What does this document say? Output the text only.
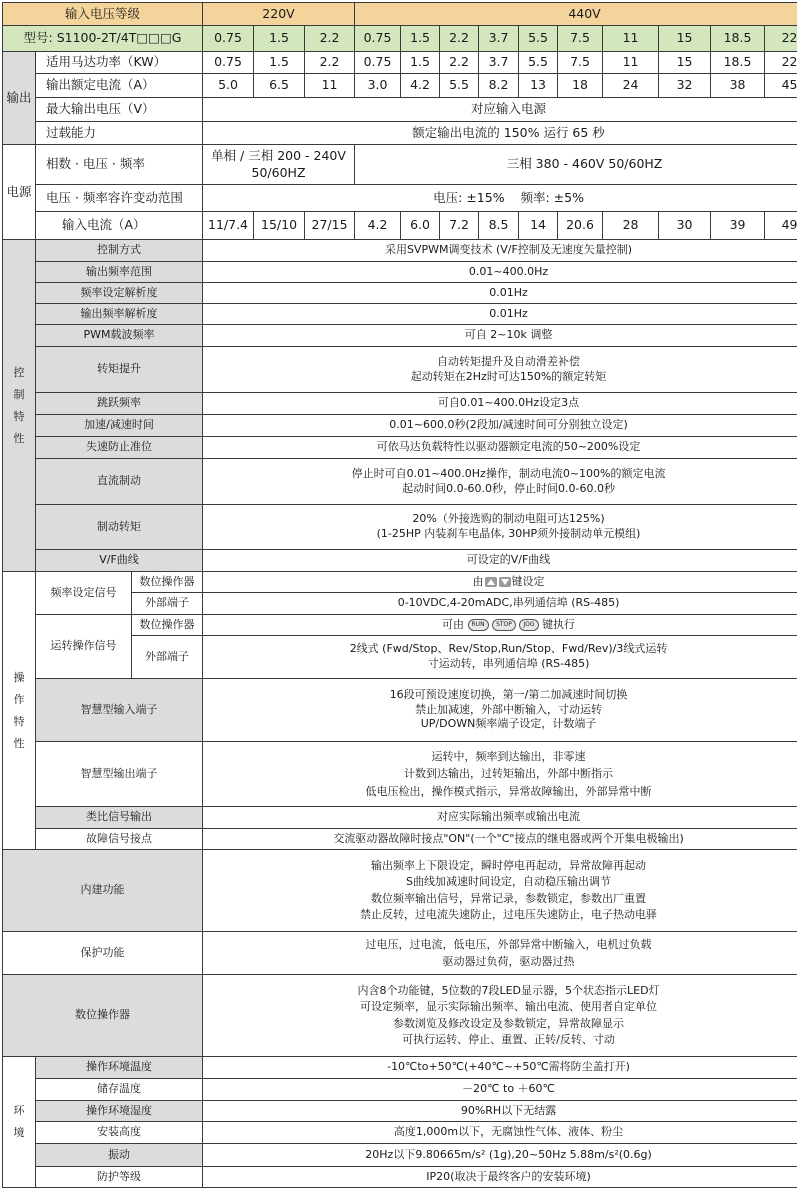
输入电压等级			220V			440V									
型号: S1100-2T/4T□□□G			0.75	1.5	2.2	0.75	1.5	2.2	3.7	5.5	7.5	11	15	18.5	22
输出	适用马达功率（KW）		0.75	1.5	2.2	0.75	1.5	2.2	3.7	5.5	7.5	11	15	18.5	22
	输出额定电流（A）		5.0	6.5	11	3.0	4.2	5.5	8.2	13	18	24	32	38	45
	最大输出电压（V）		对应输入电源												
	过载能力		额定输出电流的 150% 运行 65 秒												
电源	相数 · 电压 · 频率		单相 / 三相 200 - 240V 50/60HZ			三相 380 - 460V 50/60HZ									
	电压 · 频率容许变动范围		电压: ±15%    频率: ±5%												
	输入电流（A）		11/7.4	15/10	27/15	4.2	6.0	7.2	8.5	14	20.6	28	30	39	49
控制特性	控制方式		采用SVPWM调变技术 (V/F控制及无速度矢量控制)												

	输出频率范围		0.01~400.0Hz												

	频率设定解析度		0.01Hz												

	输出频率解析度		0.01Hz												

	PWM载波频率		可自 2~10k 调整												

	转矩提升		自动转矩提升及自动滑差补偿
起动转矩在2Hz时可达150%的额定转矩												

	跳跃频率		可自0.01~400.0Hz设定3点												

	加速/减速时间		0.01~600.0秒(2段加/减速时间可分别独立设定)												

	失速防止准位		可依马达负载特性以驱动器额定电流的50~200%设定												

	直流制动		停止时可自0.01~400.0Hz操作，制动电流0~100%的额定电流
起动时间0.0-60.0秒，停止时间0.0-60.0秒												

	制动转矩		20%（外接选购的制动电阻可达125%)
(1-25HP 内装刹车电晶体, 30HP须外接制动单元模组)												

	V/F曲线		可设定的V/F曲线												

操作特性	频率设定信号	数位操作器	由 键设定												
		外部端子	0-10VDC,4-20mADC,串列通信埠 (RS-485)												
	运转操作信号	数位操作器	可由 RUN STOP JOG 键执行												
		外部端子	2线式 (Fwd/Stop、Rev/Stop,Run/Stop、Fwd/Rev)/3线式运转
寸运动转，串列通信埠 (RS-485)												

	智慧型输入端子		16段可预设速度切换，第一/第二加减速时间切换
禁止加减速，外部中断输入，寸动运转
UP/DOWN频率端子设定，计数端子												

	智慧型输出端子		运转中，频率到达输出，非零速
计数到达输出，过转矩输出，外部中断指示
低电压检出，操作模式指示，异常故障输出，外部异常中断												

	类比信号输出		对应实际输出频率或输出电流												
	故障信号接点		交流驱动器故障时接点"ON"(一个"C"接点的继电器或两个开集电极输出)												
内建功能			输出频率上下限设定，瞬时停电再起动，异常故障再起动
S曲线加减速时间设定，自动稳压输出调节
数位频率输出信号，异常记录，参数锁定，参数出厂重置
禁止反转，过电流失速防止，过电压失速防止，电子热动电驿												

保护功能			过电压，过电流，低电压，外部异常中断输入，电机过负载
驱动器过负荷，驱动器过热												

数位操作器			内含8个功能键，5位数的7段LED显示器，5个状态指示LED灯
可设定频率，显示实际输出频率、输出电流、使用者自定单位
参数浏览及修改设定及参数锁定，异常故障显示
可执行运转、停止、重置、正转/反转、寸动												

环境	操作环境温度		-10℃to+50℃(+40℃~+50℃需将防尘盖打开)												
	储存温度		－20℃ to ＋60℃												
	操作环境湿度		90%RH以下无结露												
	安装高度		高度1,000m以下，无腐蚀性气体、液体、粉尘												
	振动		20Hz以下9.80665m/s² (1g),20~50Hz 5.88m/s²(0.6g)												
	防护等级		IP20(取决于最终客户的安装环境)												
